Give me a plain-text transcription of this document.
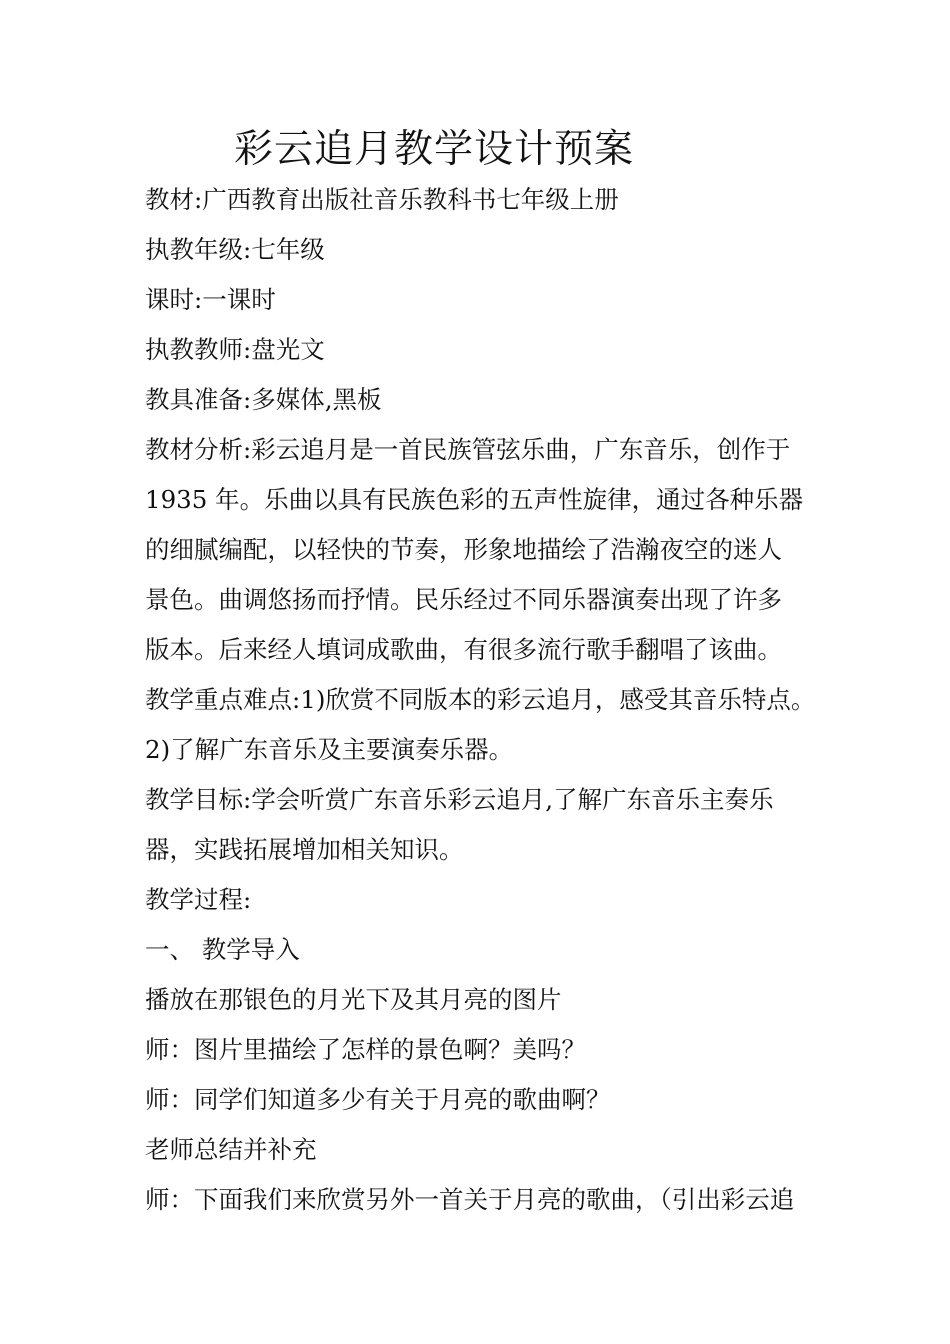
彩云追月教学设计预案
教材:广西教育出版社音乐教科书七年级上册
执教年级:七年级
课时:一课时
执教教师:盘光文
教具准备:多媒体,黑板
教材分析:彩云追月是一首民族管弦乐曲，广东音乐，创作于
1935 年。乐曲以具有民族色彩的五声性旋律，通过各种乐器
的细腻编配，以轻快的节奏，形象地描绘了浩瀚夜空的迷人
景色。曲调悠扬而抒情。民乐经过不同乐器演奏出现了许多
版本。后来经人填词成歌曲，有很多流行歌手翻唱了该曲。
教学重点难点:1)欣赏不同版本的彩云追月，感受其音乐特点。
2)了解广东音乐及主要演奏乐器。
教学目标:学会听赏广东音乐彩云追月,了解广东音乐主奏乐
器，实践拓展增加相关知识。
教学过程:
一、 教学导入
播放在那银色的月光下及其月亮的图片
师：图片里描绘了怎样的景色啊？美吗？
师：同学们知道多少有关于月亮的歌曲啊？
老师总结并补充
师：下面我们来欣赏另外一首关于月亮的歌曲，（引出彩云追
